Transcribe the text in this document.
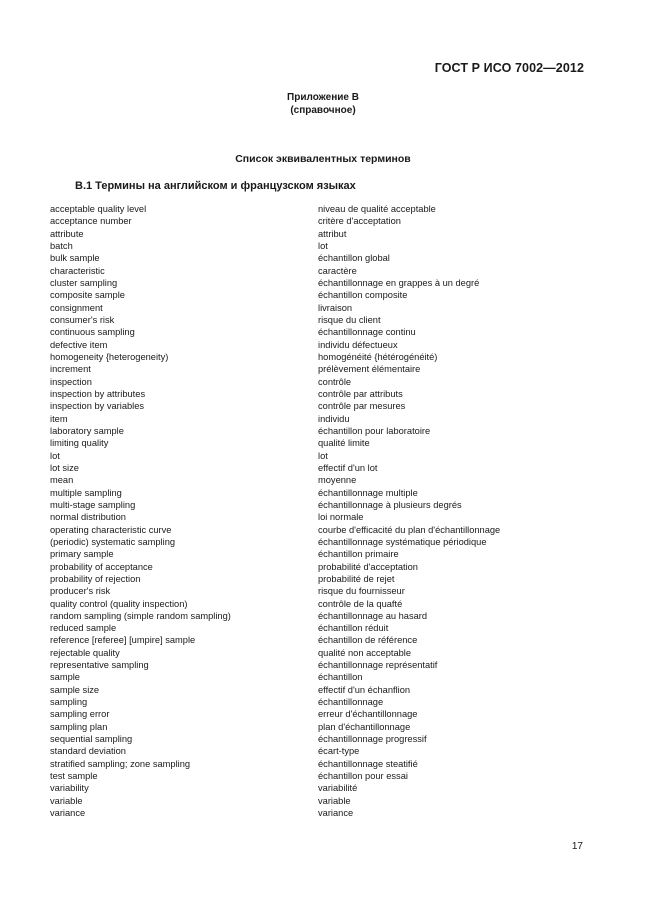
ГОСТ Р ИСО 7002—2012
Приложение В
(справочное)
Список эквивалентных терминов
В.1 Термины на английском и французском языках
acceptable quality level	niveau de qualité acceptable
acceptance number	critère d'acceptation
attribute	attribut
batch	lot
bulk sample	échantillon global
characteristic	caractère
cluster sampling	échantillonnage en grappes à un degré
composite sample	échantillon composite
consignment	livraison
consumer's risk	risque du client
continuous sampling	échantillonnage continu
defective item	individu défectueux
homogeneity {heterogeneity)	homogénéité {hétérogénéité)
increment	prélèvement élémentaire
inspection	contrôle
inspection by attributes	contrôle par attributs
inspection by variables	contrôle par mesures
item	individu
laboratory sample	échantillon pour laboratoire
limiting quality	qualité limite
lot	lot
lot size	effectif d'un lot
mean	moyenne
multiple sampling	échantillonnage multiple
multi-stage sampling	échantillonnage à plusieurs degrés
normal distribution	loi normale
operating characteristic curve	courbe d'efficacité du plan d'échantillonnage
(periodic) systematic sampling	échantillonnage systématique périodique
primary sample	échantillon primaire
probability of acceptance	probabilité d'acceptation
probability of rejection	probabilité de rejet
producer's risk	risque du fournisseur
quality control (quality inspection)	contrôle de la quafté
random sampling (simple random sampling)	échantillonnage au hasard
reduced sample	échantillon réduit
reference [referee] [umpire] sample	échantillon de référence
rejectable quality	qualité non acceptable
representative sampling	échantillonnage représentatif
sample	échantillon
sample size	effectif d'un échanflion
sampling	échantillonnage
sampling error	erreur d'échantillonnage
sampling plan	plan d'échantillonnage
sequential sampling	échantillonnage progressif
standard deviation	écart-type
stratified sampling; zone sampling	échantillonnage steatifié
test sample	échantillon pour essai
variability	variabilité
variable	variable
variance	variance
17
